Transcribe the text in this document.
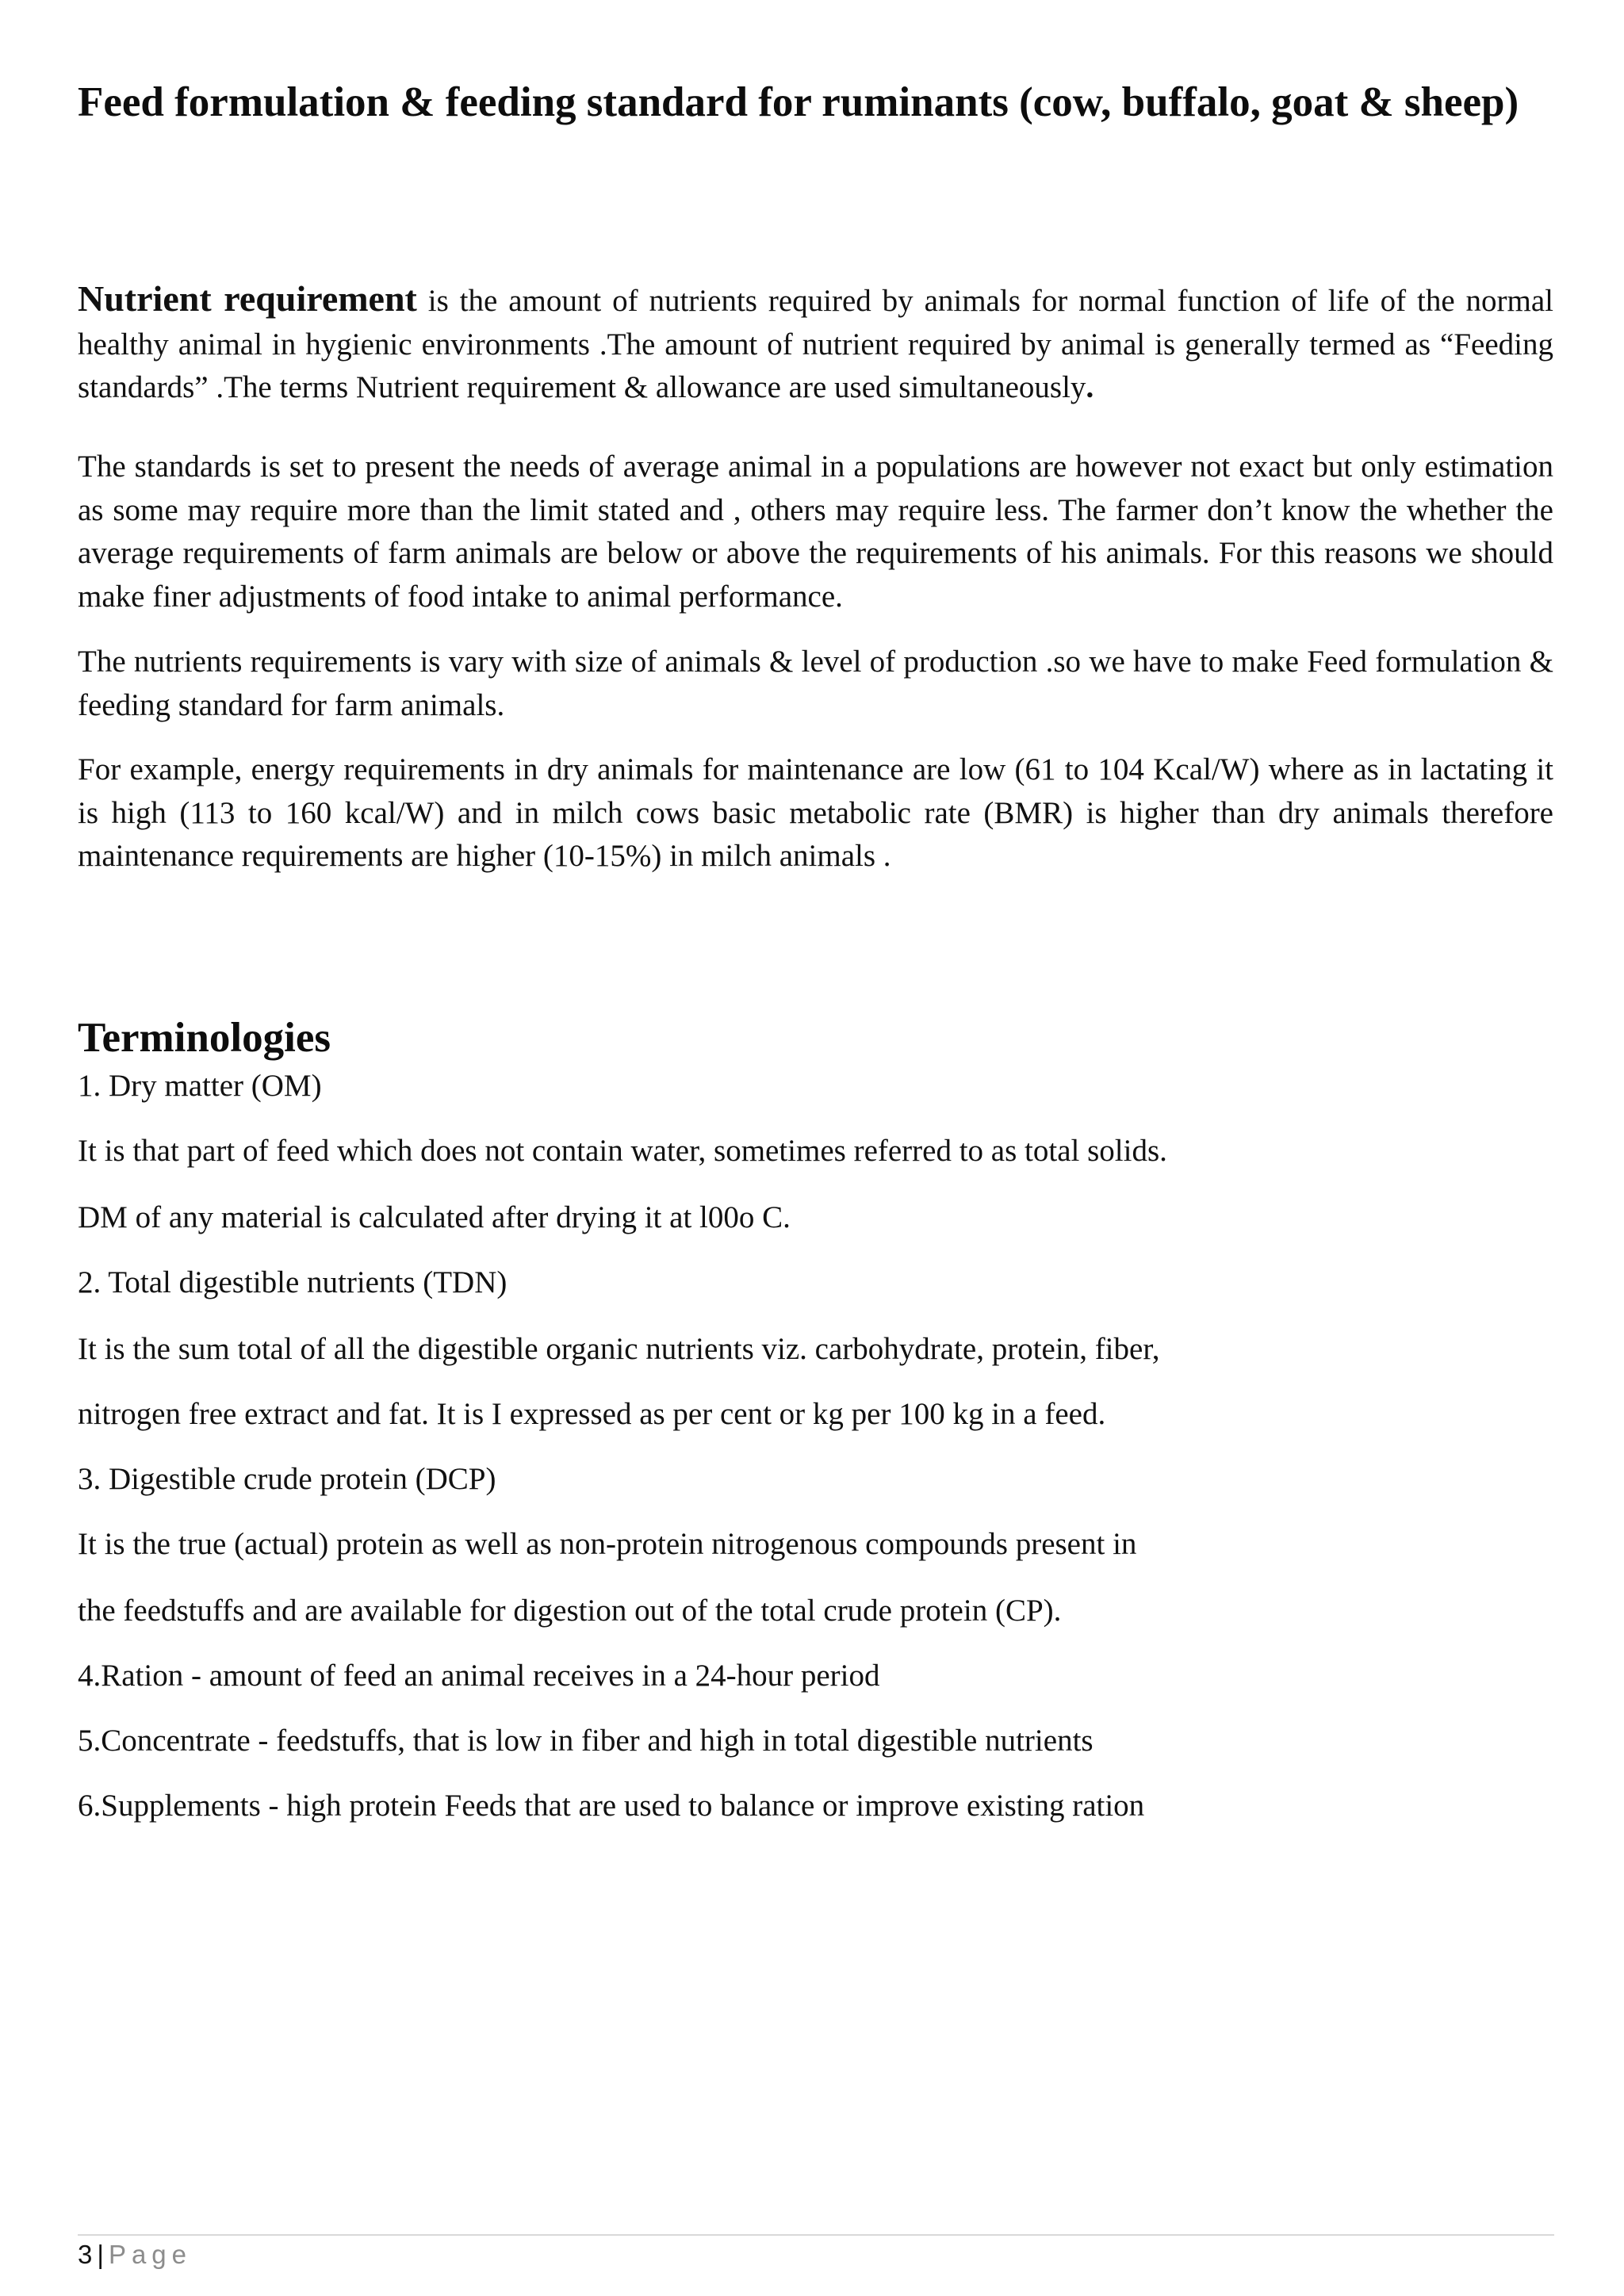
Feed formulation & feeding standard for ruminants (cow, buffalo, goat & sheep)

Nutrient requirement is the amount of nutrients required by animals for normal function of life of the normal healthy animal in hygienic environments .The amount of nutrient required by animal is generally termed as “Feeding standards” .The terms Nutrient requirement & allowance are used simultaneously.

The standards is set to present the needs of average animal in a populations are however not exact but only estimation as some may require more than the limit stated and , others may require less. The farmer don’t know the whether the average requirements of farm animals are below or above the requirements of his animals. For this reasons we should make finer adjustments of food intake to animal performance.

The nutrients requirements is vary with size of animals & level of production .so we have to make Feed formulation & feeding standard for farm animals.

For example, energy requirements in dry animals for maintenance are low (61 to 104 Kcal/W) where as in lactating it is high (113 to 160 kcal/W) and in milch cows basic metabolic rate (BMR) is higher than dry animals therefore maintenance requirements are higher (10-15%) in milch animals .

Terminologies

1. Dry matter (OM)

It is that part of feed which does not contain water, sometimes referred to as total solids.

DM of any material is calculated after drying it at l00o C.

2. Total digestible nutrients (TDN)

It is the sum total of all the digestible organic nutrients viz. carbohydrate, protein, fiber,

nitrogen free extract and fat. It is I expressed as per cent or kg per 100 kg in a feed.

3. Digestible crude protein (DCP)

It is the true (actual) protein as well as non-protein nitrogenous compounds present in

the feedstuffs and are available for digestion out of the total crude protein (CP).

4.Ration - amount of feed an animal receives in a 24-hour period

5.Concentrate - feedstuffs, that is low in fiber and high in total digestible nutrients

6.Supplements - high protein Feeds that are used to balance or improve existing ration

3 | Page
